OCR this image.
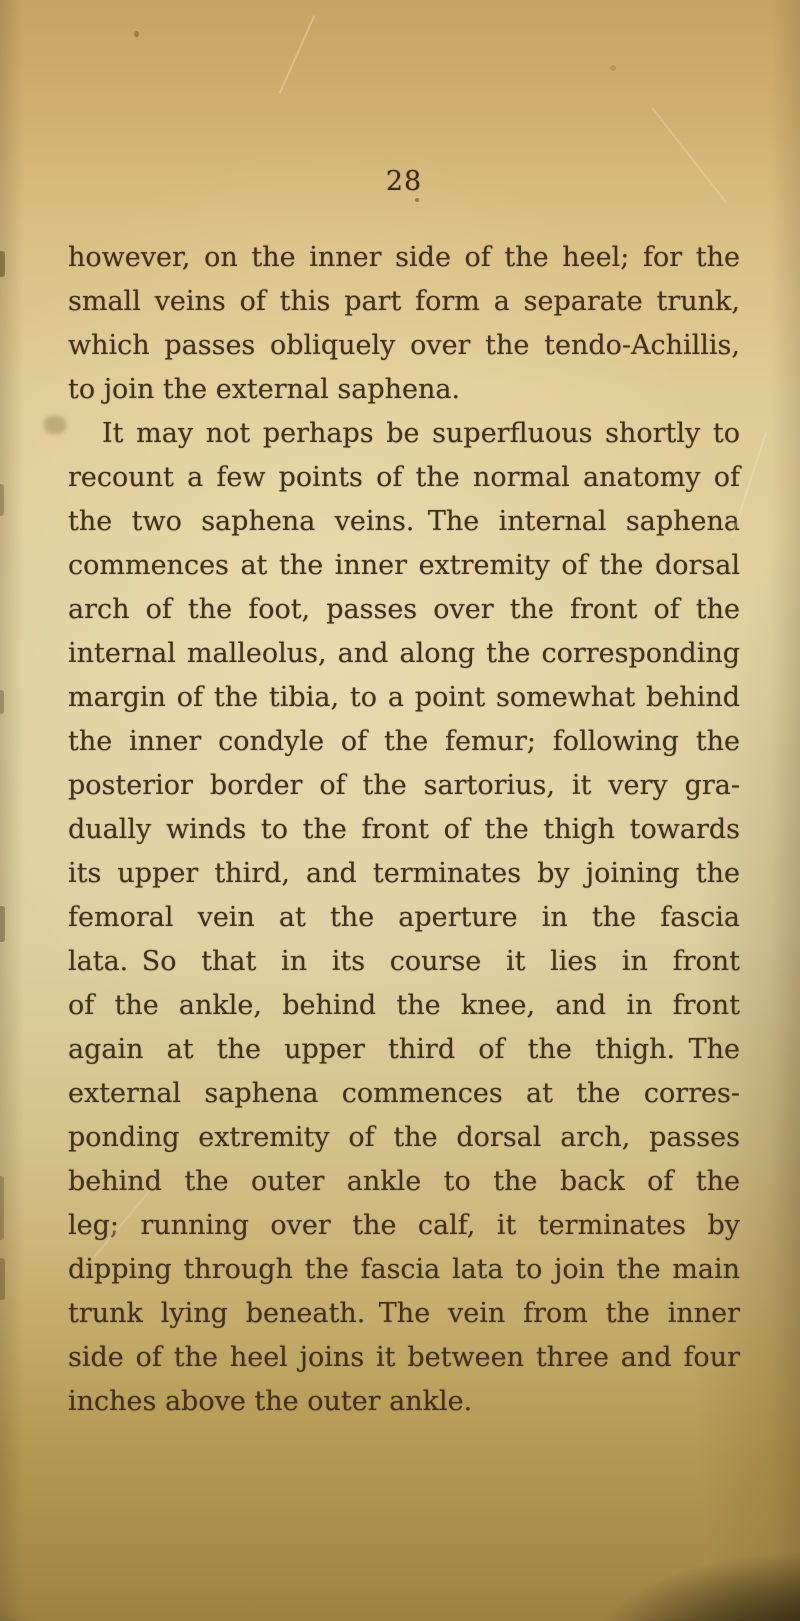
28
however, on the inner side of the heel; for the
small veins of this part form a separate trunk,
which passes obliquely over the tendo-Achillis,
to join the external saphena.
It may not perhaps be superfluous shortly to
recount a few points of the normal anatomy of
the two saphena veins. The internal saphena
commences at the inner extremity of the dorsal
arch of the foot, passes over the front of the
internal malleolus, and along the corresponding
margin of the tibia, to a point somewhat behind
the inner condyle of the femur; following the
posterior border of the sartorius, it very gra-
dually winds to the front of the thigh towards
its upper third, and terminates by joining the
femoral vein at the aperture in the fascia
lata. So that in its course it lies in front
of the ankle, behind the knee, and in front
again at the upper third of the thigh. The
external saphena commences at the corres-
ponding extremity of the dorsal arch, passes
behind the outer ankle to the back of the
leg; running over the calf, it terminates by
dipping through the fascia lata to join the main
trunk lying beneath. The vein from the inner
side of the heel joins it between three and four
inches above the outer ankle.
